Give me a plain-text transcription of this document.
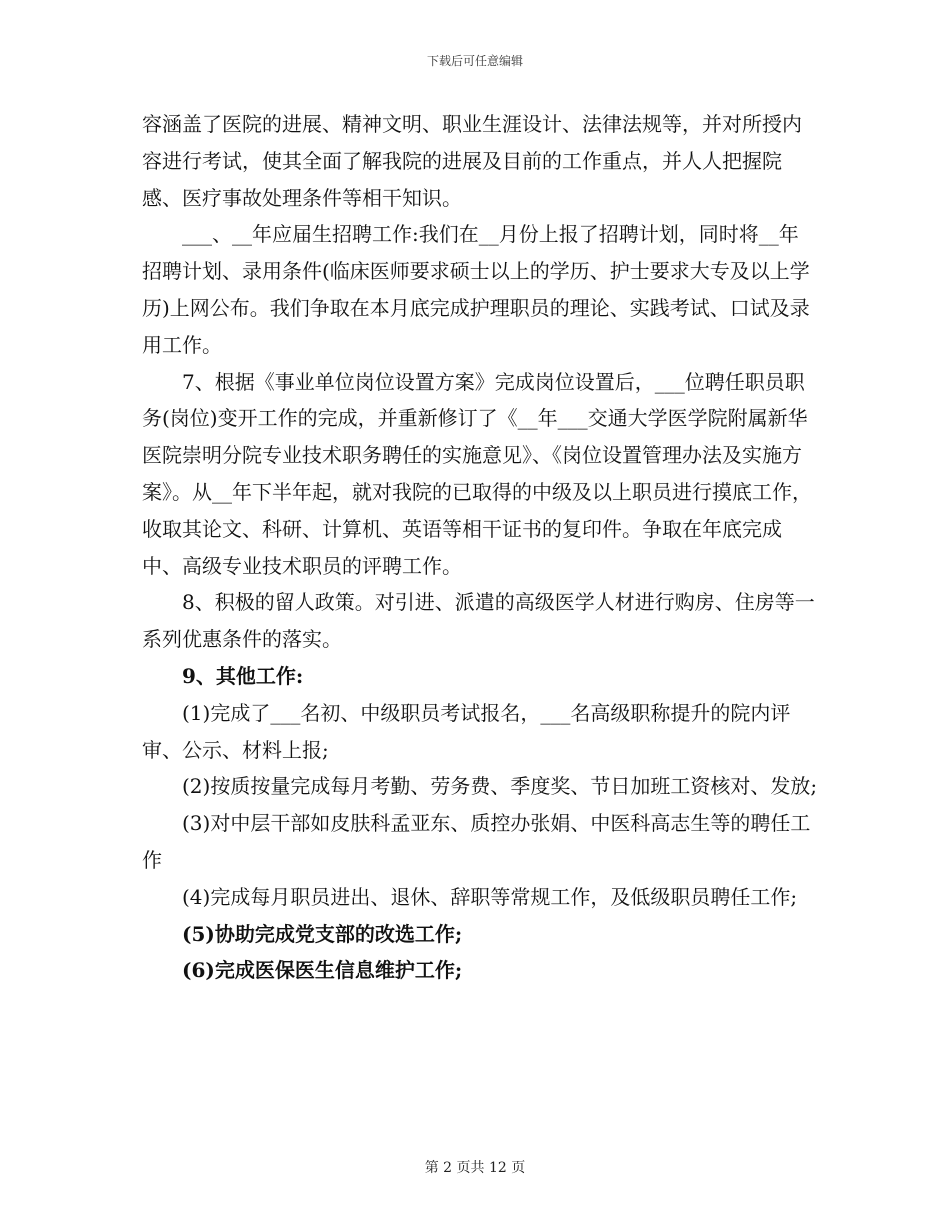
下载后可任意编辑

容涵盖了医院的进展、精神文明、职业生涯设计、法律法规等，并对所授内容进行考试，使其全面了解我院的进展及目前的工作重点，并人人把握院感、医疗事故处理条件等相干知识。

___、__年应届生招聘工作:我们在__月份上报了招聘计划，同时将__年招聘计划、录用条件(临床医师要求硕士以上的学历、护士要求大专及以上学历)上网公布。我们争取在本月底完成护理职员的理论、实践考试、口试及录用工作。

7、根据《事业单位岗位设置方案》完成岗位设置后，___位聘任职员职务(岗位)变开工作的完成，并重新修订了《__年___交通大学医学院附属新华医院崇明分院专业技术职务聘任的实施意见》、《岗位设置管理办法及实施方案》。从__年下半年起，就对我院的已取得的中级及以上职员进行摸底工作，收取其论文、科研、计算机、英语等相干证书的复印件。争取在年底完成中、高级专业技术职员的评聘工作。

8、积极的留人政策。对引进、派遣的高级医学人材进行购房、住房等一系列优惠条件的落实。

9、其他工作:

(1)完成了___名初、中级职员考试报名，___名高级职称提升的院内评审、公示、材料上报;

(2)按质按量完成每月考勤、劳务费、季度奖、节日加班工资核对、发放;

(3)对中层干部如皮肤科孟亚东、质控办张娟、中医科高志生等的聘任工作

(4)完成每月职员进出、退休、辞职等常规工作，及低级职员聘任工作;

(5)协助完成党支部的改选工作;

(6)完成医保医生信息维护工作;

第 2 页共 12 页
